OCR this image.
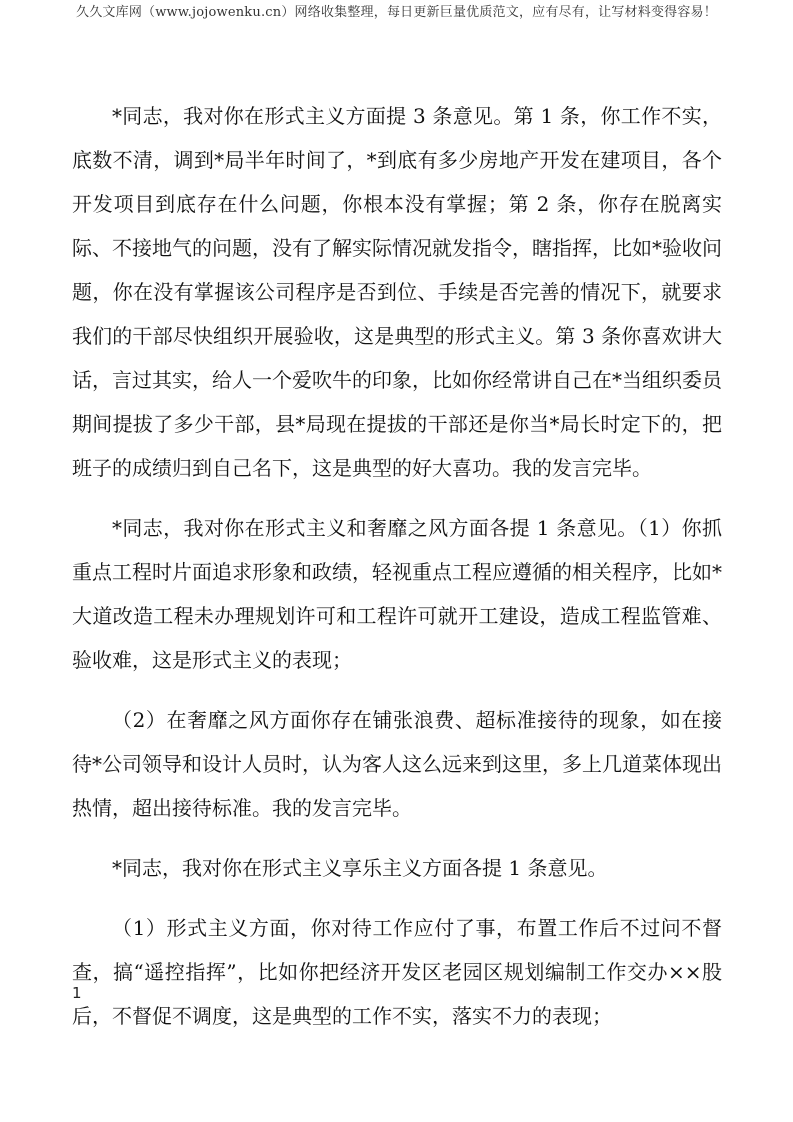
久久文库网（www.jojowenku.cn）网络收集整理，每日更新巨量优质范文，应有尽有，让写材料变得容易！

*同志，我对你在形式主义方面提 3 条意见。第 1 条，你工作不实，底数不清，调到*局半年时间了，*到底有多少房地产开发在建项目，各个开发项目到底存在什么问题，你根本没有掌握；第 2 条，你存在脱离实际、不接地气的问题，没有了解实际情况就发指令，瞎指挥，比如*验收问题，你在没有掌握该公司程序是否到位、手续是否完善的情况下，就要求我们的干部尽快组织开展验收，这是典型的形式主义。第 3 条你喜欢讲大话，言过其实，给人一个爱吹牛的印象，比如你经常讲自己在*当组织委员期间提拔了多少干部，县*局现在提拔的干部还是你当*局长时定下的，把班子的成绩归到自己名下，这是典型的好大喜功。我的发言完毕。

*同志，我对你在形式主义和奢靡之风方面各提 1 条意见。（1）你抓重点工程时片面追求形象和政绩，轻视重点工程应遵循的相关程序，比如*大道改造工程未办理规划许可和工程许可就开工建设，造成工程监管难、验收难，这是形式主义的表现；

（2）在奢靡之风方面你存在铺张浪费、超标准接待的现象，如在接待*公司领导和设计人员时，认为客人这么远来到这里，多上几道菜体现出热情，超出接待标准。我的发言完毕。

*同志，我对你在形式主义享乐主义方面各提 1 条意见。

（1）形式主义方面，你对待工作应付了事，布置工作后不过问不督查，搞“遥控指挥”，比如你把经济开发区老园区规划编制工作交办××股后，不督促不调度，这是典型的工作不实，落实不力的表现；

1
